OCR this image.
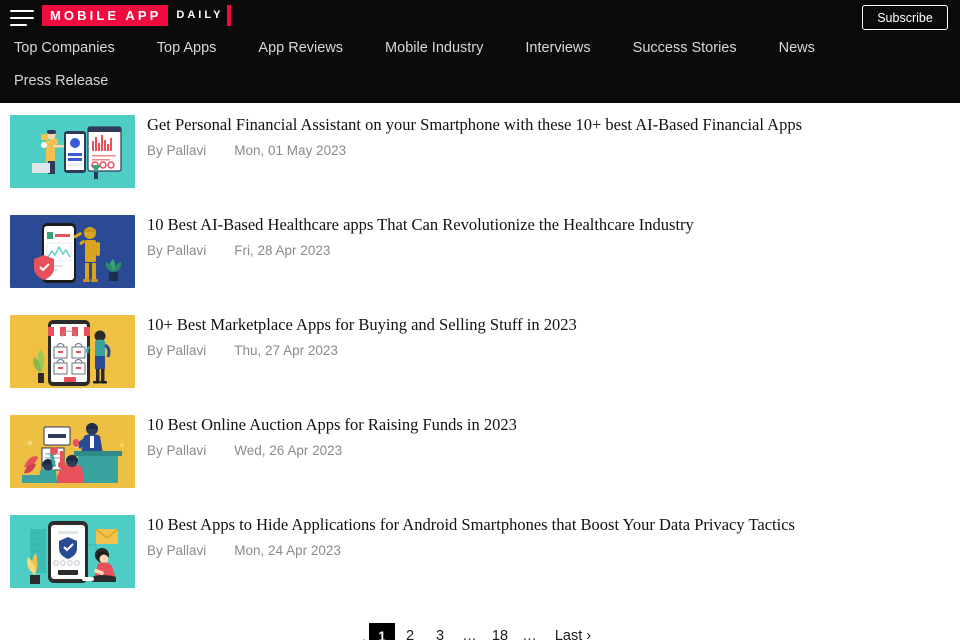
MOBILE APP	DAILY	Subscribe
Top Companies	Top Apps	App Reviews	Mobile Industry	Interviews	Success Stories	News
Press Release
Get Personal Financial Assistant on your Smartphone with these 10+ best AI-Based Financial Apps
By Pallavi Mon, 01 May 2023
10 Best AI-Based Healthcare apps That Can Revolutionize the Healthcare Industry
By Pallavi Fri, 28 Apr 2023
10+ Best Marketplace Apps for Buying and Selling Stuff in 2023
By Pallavi Thu, 27 Apr 2023
10 Best Online Auction Apps for Raising Funds in 2023
By Pallavi Wed, 26 Apr 2023
10 Best Apps to Hide Applications for Android Smartphones that Boost Your Data Privacy Tactics
By Pallavi Mon, 24 Apr 2023
. 1	2	3	… 18 …	Last ›
